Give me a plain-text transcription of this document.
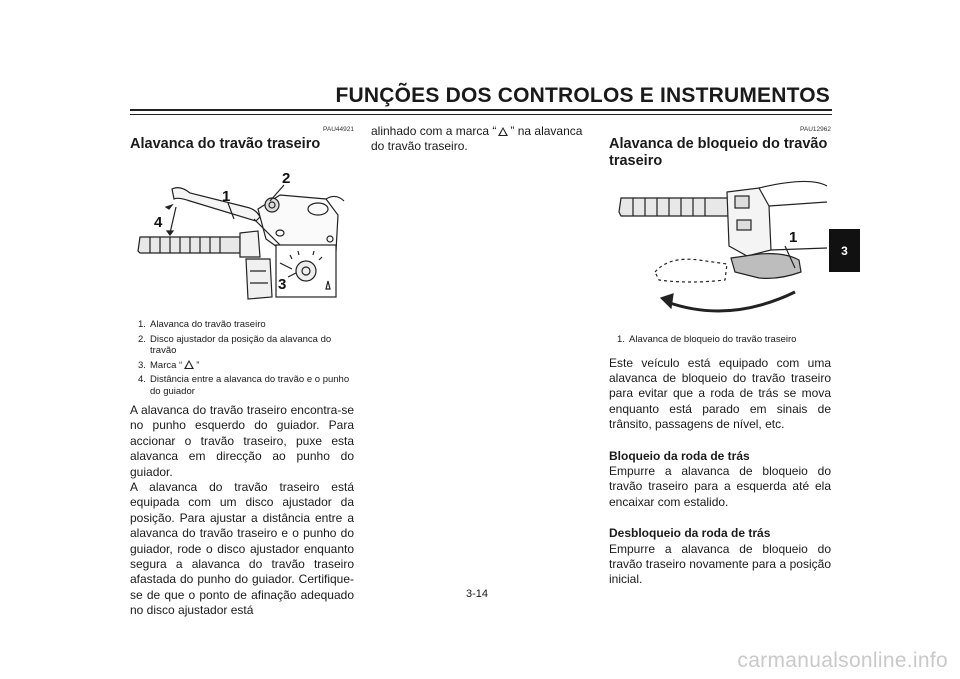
FUNÇÕES DOS CONTROLOS E INSTRUMENTOS
3
PAU44921
Alavanca do travão traseiro
1
2
3
4
1. Alavanca do travão traseiro
2. Disco ajustador da posição da alavanca do travão
3. Marca “ ”
4. Distância entre a alavanca do travão e o punho do guiador
A alavanca do travão traseiro encontra-se no punho esquerdo do guiador. Para accionar o travão traseiro, puxe esta alavanca em direcção ao punho do guiador.
A alavanca do travão traseiro está equipada com um disco ajustador da posição. Para ajustar a distância entre a alavanca do travão traseiro e o punho do guiador, rode o disco ajustador enquanto segura a alavanca do travão traseiro afastada do punho do guiador. Certifique-se de que o ponto de afinação adequado no disco ajustador está
alinhado com a marca “ ” na alavanca do travão traseiro.
PAU12962
Alavanca de bloqueio do travão traseiro
1
1. Alavanca de bloqueio do travão traseiro
Este veículo está equipado com uma alavanca de bloqueio do travão traseiro para evitar que a roda de trás se mova enquanto está parado em sinais de trânsito, passagens de nível, etc.
Bloqueio da roda de trás
Empurre a alavanca de bloqueio do travão traseiro para a esquerda até ela encaixar com estalido.
Desbloqueio da roda de trás
Empurre a alavanca de bloqueio do travão traseiro novamente para a posição inicial.
3-14
carmanualsonline.info
